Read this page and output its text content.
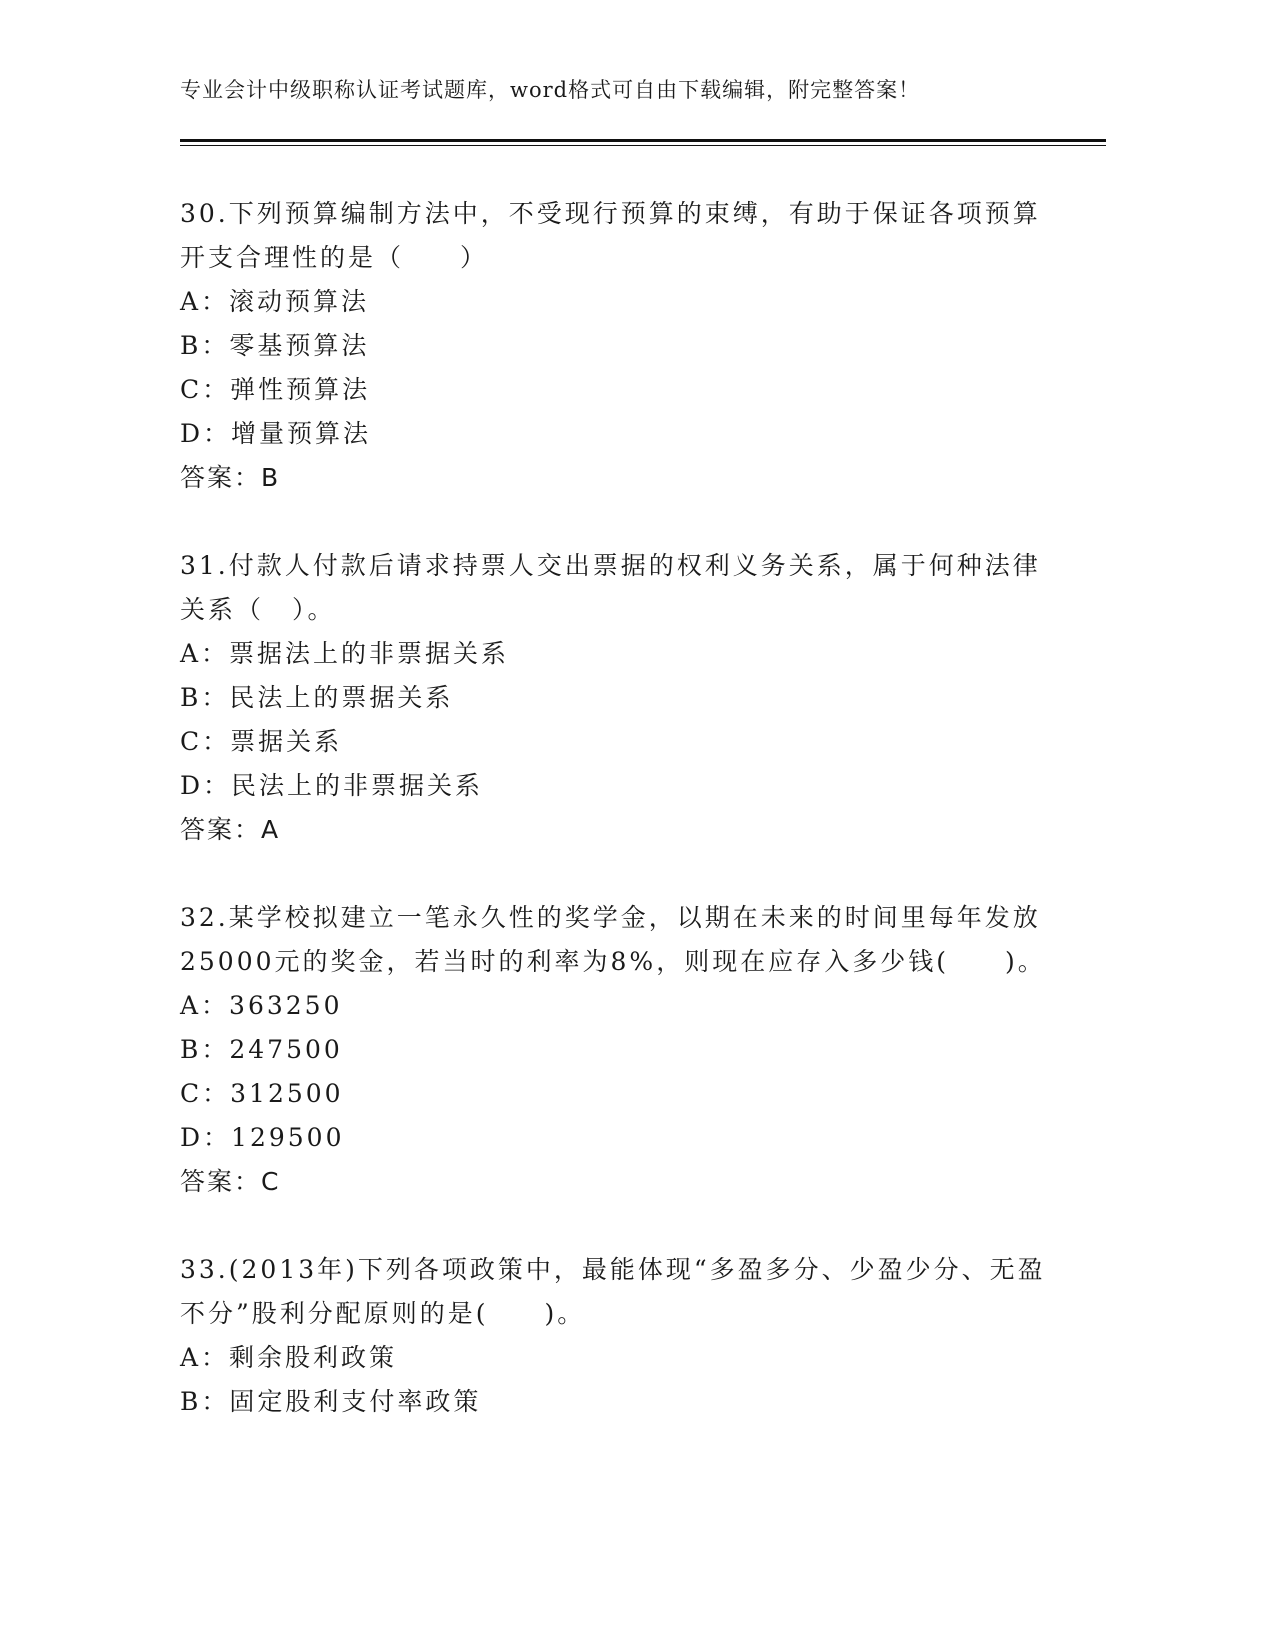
专业会计中级职称认证考试题库，word格式可自由下载编辑，附完整答案！
30.下列预算编制方法中，不受现行预算的束缚，有助于保证各项预算
开支合理性的是（　　）
A：滚动预算法
B：零基预算法
C：弹性预算法
D：增量预算法
答案：B
31.付款人付款后请求持票人交出票据的权利义务关系，属于何种法律
关系（　）。
A：票据法上的非票据关系
B：民法上的票据关系
C：票据关系
D：民法上的非票据关系
答案：A
32.某学校拟建立一笔永久性的奖学金，以期在未来的时间里每年发放
25000元的奖金，若当时的利率为8%，则现在应存入多少钱(　　)。
A：363250
B：247500
C：312500
D：129500
答案：C
33.(2013年)下列各项政策中，最能体现“多盈多分、少盈少分、无盈
不分”股利分配原则的是(　　)。
A：剩余股利政策
B：固定股利支付率政策
